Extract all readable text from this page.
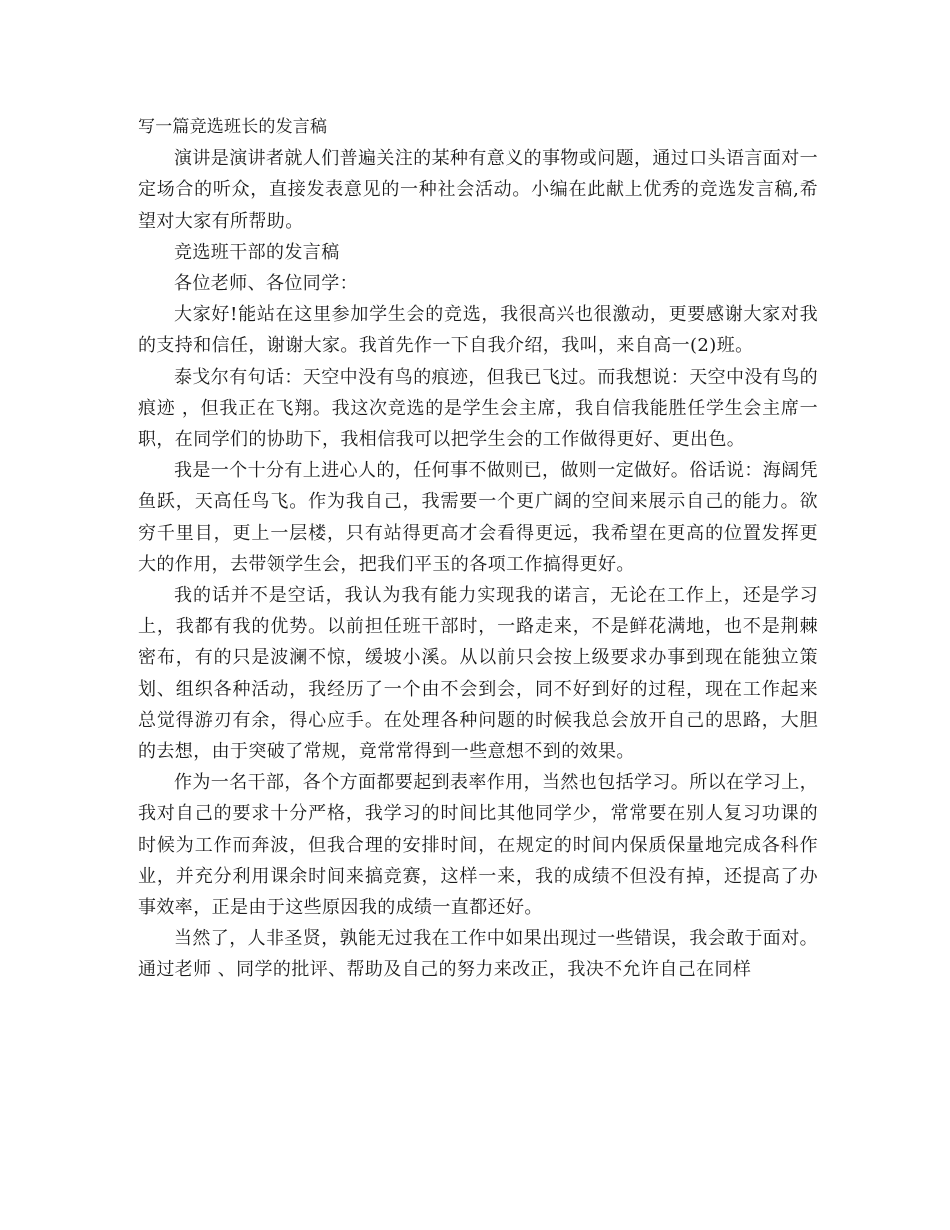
写一篇竞选班长的发言稿

演讲是演讲者就人们普遍关注的某种有意义的事物或问题，通过口头语言面对一定场合的听众，直接发表意见的一种社会活动。小编在此献上优秀的竞选发言稿,希望对大家有所帮助。

竞选班干部的发言稿

各位老师、各位同学：

大家好!能站在这里参加学生会的竞选，我很高兴也很激动，更要感谢大家对我的支持和信任，谢谢大家。我首先作一下自我介绍，我叫，来自高一(2)班。

泰戈尔有句话：天空中没有鸟的痕迹，但我已飞过。而我想说：天空中没有鸟的痕迹 ，但我正在飞翔。我这次竞选的是学生会主席，我自信我能胜任学生会主席一职，在同学们的协助下，我相信我可以把学生会的工作做得更好、更出色。

我是一个十分有上进心人的，任何事不做则已，做则一定做好。俗话说：海阔凭鱼跃，天高任鸟飞。作为我自己，我需要一个更广阔的空间来展示自己的能力。欲穷千里目，更上一层楼，只有站得更高才会看得更远，我希望在更高的位置发挥更大的作用，去带领学生会，把我们平玉的各项工作搞得更好。

我的话并不是空话，我认为我有能力实现我的诺言，无论在工作上，还是学习上，我都有我的优势。以前担任班干部时，一路走来，不是鲜花满地，也不是荆棘密布，有的只是波澜不惊，缓坡小溪。从以前只会按上级要求办事到现在能独立策划、组织各种活动，我经历了一个由不会到会，同不好到好的过程，现在工作起来总觉得游刃有余，得心应手。在处理各种问题的时候我总会放开自己的思路，大胆的去想，由于突破了常规，竟常常得到一些意想不到的效果。

作为一名干部，各个方面都要起到表率作用，当然也包括学习。所以在学习上，我对自己的要求十分严格，我学习的时间比其他同学少，常常要在别人复习功课的时候为工作而奔波，但我合理的安排时间，在规定的时间内保质保量地完成各科作业，并充分利用课余时间来搞竞赛，这样一来，我的成绩不但没有掉，还提高了办事效率，正是由于这些原因我的成绩一直都还好。

当然了，人非圣贤，孰能无过我在工作中如果出现过一些错误，我会敢于面对。通过老师 、同学的批评、帮助及自己的努力来改正，我决不允许自己在同样
